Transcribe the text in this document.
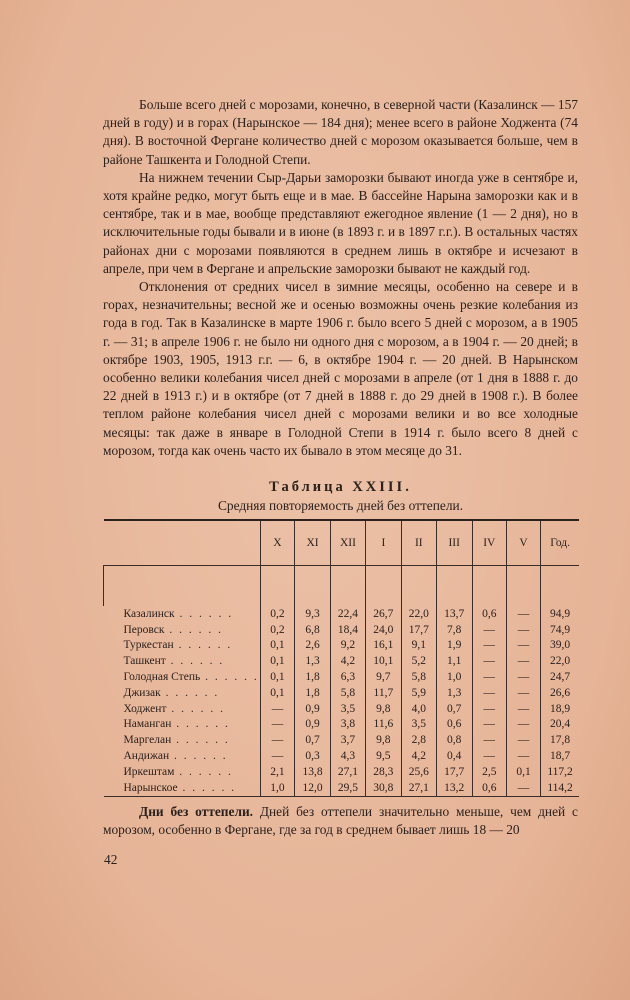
Больше всего дней с морозами, конечно, в северной части (Казалинск — 157 дней в году) и в горах (Нарынское — 184 дня); менее всего в районе Ходжента (74 дня). В восточной Фергане количество дней с морозом оказывается больше, чем в районе Ташкента и Голодной Степи.

На нижнем течении Сыр-Дарьи заморозки бывают иногда уже в сентябре и, хотя крайне редко, могут быть еще и в мае. В бассейне Нарына заморозки как и в сентябре, так и в мае, вообще представляют ежегодное явление (1 — 2 дня), но в исключительные годы бывали и в июне (в 1893 г. и в 1897 г.г.). В остальных частях районах дни с морозами появляются в среднем лишь в октябре и исчезают в апреле, при чем в Фергане и апрельские заморозки бывают не каждый год.

Отклонения от средних чисел в зимние месяцы, особенно на севере и в горах, незначительны; весной же и осенью возможны очень резкие колебания из года в год. Так в Казалинске в марте 1906 г. было всего 5 дней с морозом, а в 1905 г. — 31; в апреле 1906 г. не было ни одного дня с морозом, а в 1904 г. — 20 дней; в октябре 1903, 1905, 1913 г.г. — 6, в октябре 1904 г. — 20 дней. В Нарынском особенно велики колебания чисел дней с морозами в апреле (от 1 дня в 1888 г. до 22 дней в 1913 г.) и в октябре (от 7 дней в 1888 г. до 29 дней в 1908 г.). В более теплом районе колебания чисел дней с морозами велики и во все холодные месяцы: так даже в январе в Голодной Степи в 1914 г. было всего 8 дней с морозом, тогда как очень часто их бывало в этом месяце до 31.

Таблица XXIII.
Средняя повторяемость дней без оттепели.

	X	XI	XII	I	II	III	IV	V	Год.

Казалинск . . . . . .	0,2	9,3	22,4	26,7	22,0	13,7	0,6	—	94,9
Перовск . . . . . .	0,2	6,8	18,4	24,0	17,7	7,8	—	—	74,9
Туркестан . . . . . .	0,1	2,6	9,2	16,1	9,1	1,9	—	—	39,0
Ташкент . . . . . .	0,1	1,3	4,2	10,1	5,2	1,1	—	—	22,0
Голодная Степь . . . . . .	0,1	1,8	6,3	9,7	5,8	1,0	—	—	24,7
Джизак . . . . . .	0,1	1,8	5,8	11,7	5,9	1,3	—	—	26,6
Ходжент . . . . . .	—	0,9	3,5	9,8	4,0	0,7	—	—	18,9
Наманган . . . . . .	—	0,9	3,8	11,6	3,5	0,6	—	—	20,4
Маргелан . . . . . .	—	0,7	3,7	9,8	2,8	0,8	—	—	17,8
Андижан . . . . . .	—	0,3	4,3	9,5	4,2	0,4	—	—	18,7
Иркештам . . . . . .	2,1	13,8	27,1	28,3	25,6	17,7	2,5	0,1	117,2
Нарынское . . . . . .	1,0	12,0	29,5	30,8	27,1	13,2	0,6	—	114,2

Дни без оттепели. Дней без оттепели значительно меньше, чем дней с морозом, особенно в Фергане, где за год в среднем бывает лишь 18 — 20

42
